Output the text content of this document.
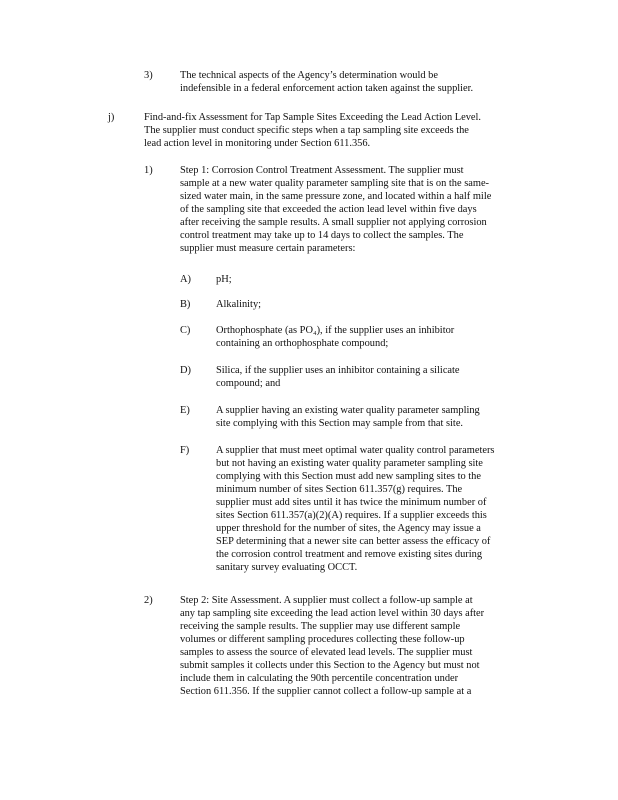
3)	The technical aspects of the Agency’s determination would be
indefensible in a federal enforcement action taken against the supplier.
j)	Find-and-fix Assessment for Tap Sample Sites Exceeding the Lead Action Level.
The supplier must conduct specific steps when a tap sampling site exceeds the
lead action level in monitoring under Section 611.356.
1)	Step 1: Corrosion Control Treatment Assessment. The supplier must
sample at a new water quality parameter sampling site that is on the same-
sized water main, in the same pressure zone, and located within a half mile
of the sampling site that exceeded the action lead level within five days
after receiving the sample results. A small supplier not applying corrosion
control treatment may take up to 14 days to collect the samples. The
supplier must measure certain parameters:
A) pH;
B) Alkalinity;
C) Orthophosphate (as PO₄), if the supplier uses an inhibitor
containing an orthophosphate compound;
D) Silica, if the supplier uses an inhibitor containing a silicate
compound; and
E)	A supplier having an existing water quality parameter sampling
site complying with this Section may sample from that site.
F)	A supplier that must meet optimal water quality control parameters
but not having an existing water quality parameter sampling site
complying with this Section must add new sampling sites to the
minimum number of sites Section 611.357(g) requires. The
supplier must add sites until it has twice the minimum number of
sites Section 611.357(a)(2)(A) requires. If a supplier exceeds this
upper threshold for the number of sites, the Agency may issue a
SEP determining that a newer site can better assess the efficacy of
the corrosion control treatment and remove existing sites during
sanitary survey evaluating OCCT.
2)	Step 2: Site Assessment. A supplier must collect a follow-up sample at
any tap sampling site exceeding the lead action level within 30 days after
receiving the sample results. The supplier may use different sample
volumes or different sampling procedures collecting these follow-up
samples to assess the source of elevated lead levels. The supplier must
submit samples it collects under this Section to the Agency but must not
include them in calculating the 90th percentile concentration under
Section 611.356. If the supplier cannot collect a follow-up sample at a
